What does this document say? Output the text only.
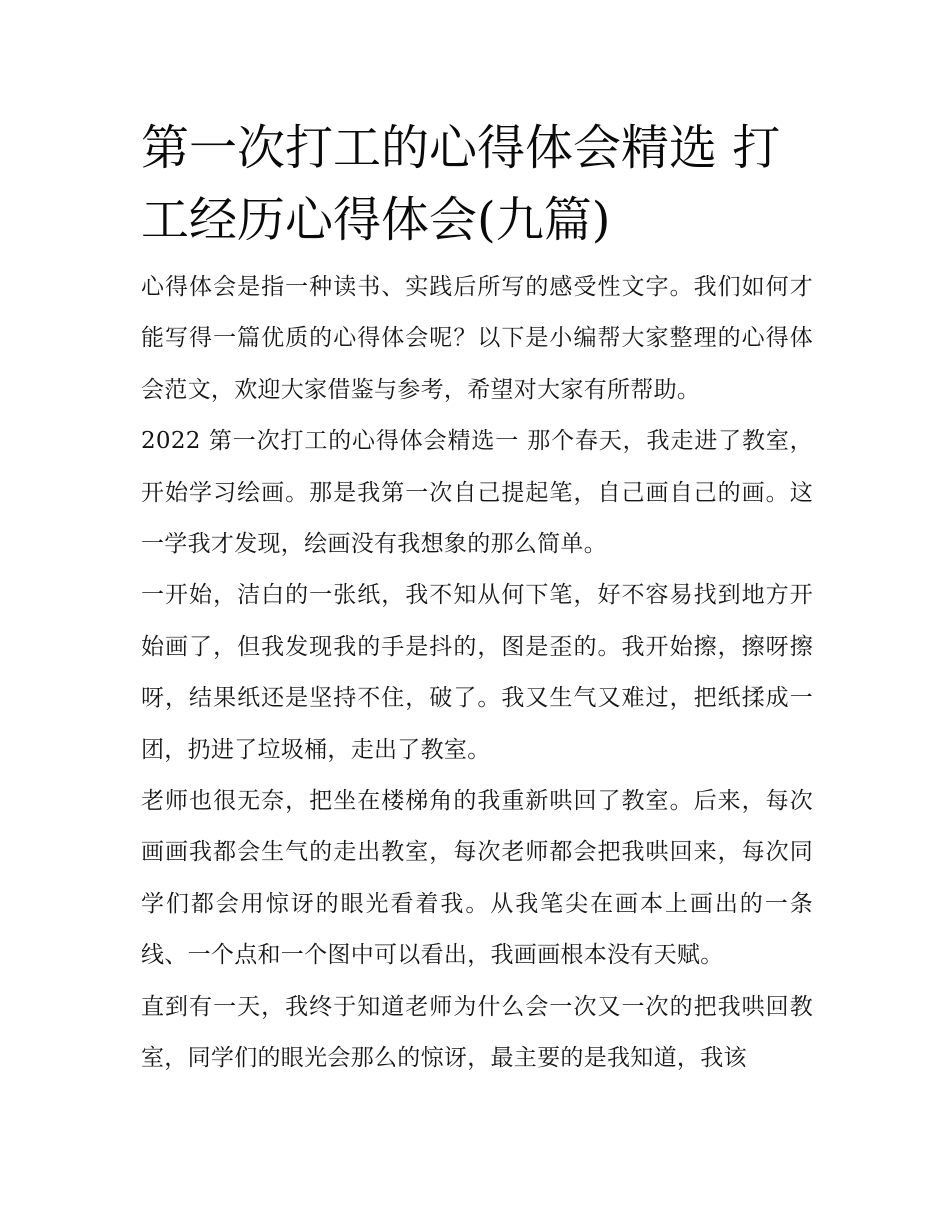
第一次打工的心得体会精选 打工经历心得体会(九篇)

心得体会是指一种读书、实践后所写的感受性文字。我们如何才能写得一篇优质的心得体会呢？以下是小编帮大家整理的心得体会范文，欢迎大家借鉴与参考，希望对大家有所帮助。

2022 第一次打工的心得体会精选一 那个春天，我走进了教室，开始学习绘画。那是我第一次自己提起笔，自己画自己的画。这一学我才发现，绘画没有我想象的那么简单。

一开始，洁白的一张纸，我不知从何下笔，好不容易找到地方开始画了，但我发现我的手是抖的，图是歪的。我开始擦，擦呀擦呀，结果纸还是坚持不住，破了。我又生气又难过，把纸揉成一团，扔进了垃圾桶，走出了教室。

老师也很无奈，把坐在楼梯角的我重新哄回了教室。后来，每次画画我都会生气的走出教室，每次老师都会把我哄回来，每次同学们都会用惊讶的眼光看着我。从我笔尖在画本上画出的一条线、一个点和一个图中可以看出，我画画根本没有天赋。

直到有一天，我终于知道老师为什么会一次又一次的把我哄回教室，同学们的眼光会那么的惊讶，最主要的是我知道，我该
